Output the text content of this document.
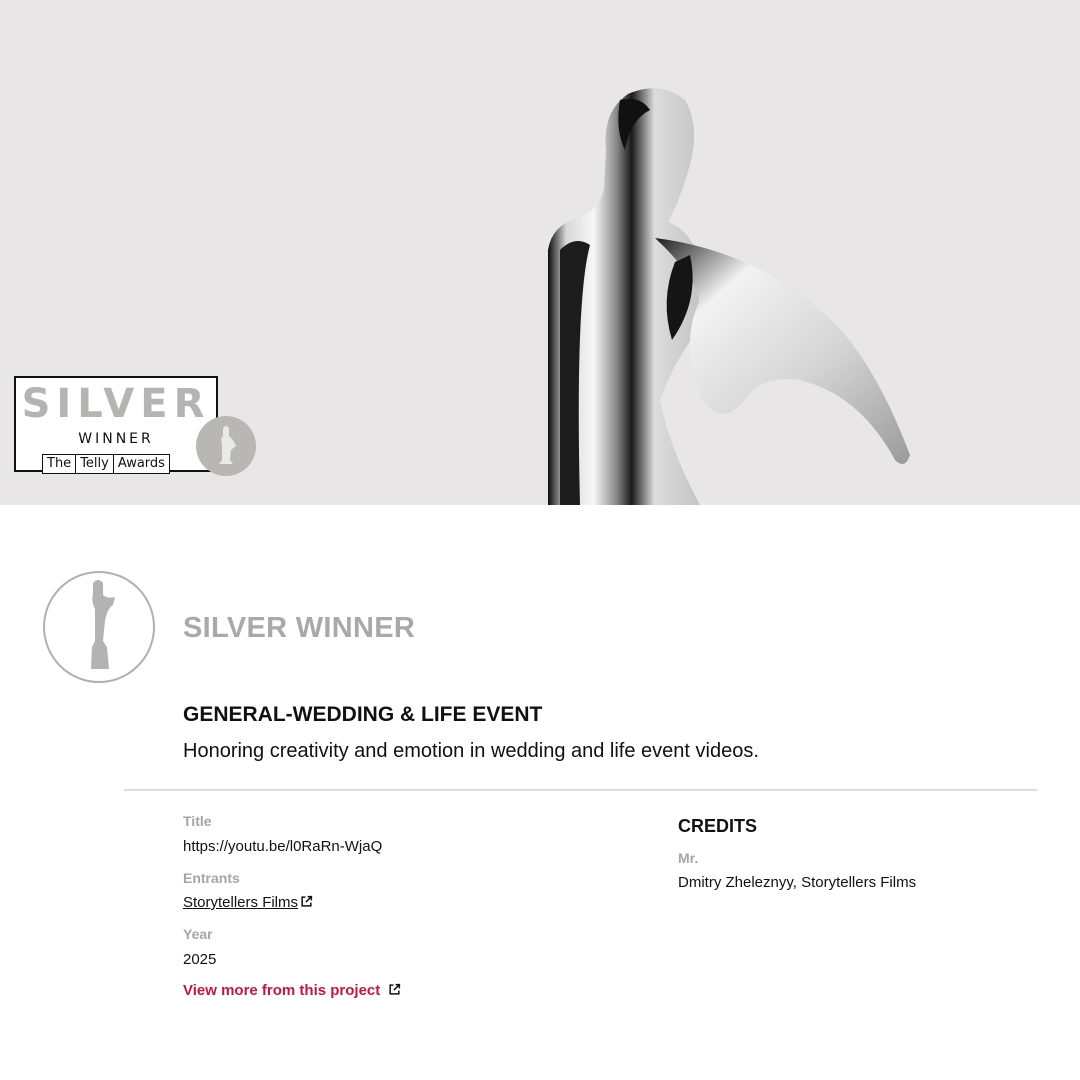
SILVER
WINNER
The Telly Awards
SILVER WINNER
GENERAL-WEDDING & LIFE EVENT
Honoring creativity and emotion in wedding and life event videos.
Title
https://youtu.be/l0RaRn-WjaQ
Entrants
Storytellers Films
Year
2025
View more from this project
CREDITS
Mr.
Dmitry Zheleznyy, Storytellers Films
